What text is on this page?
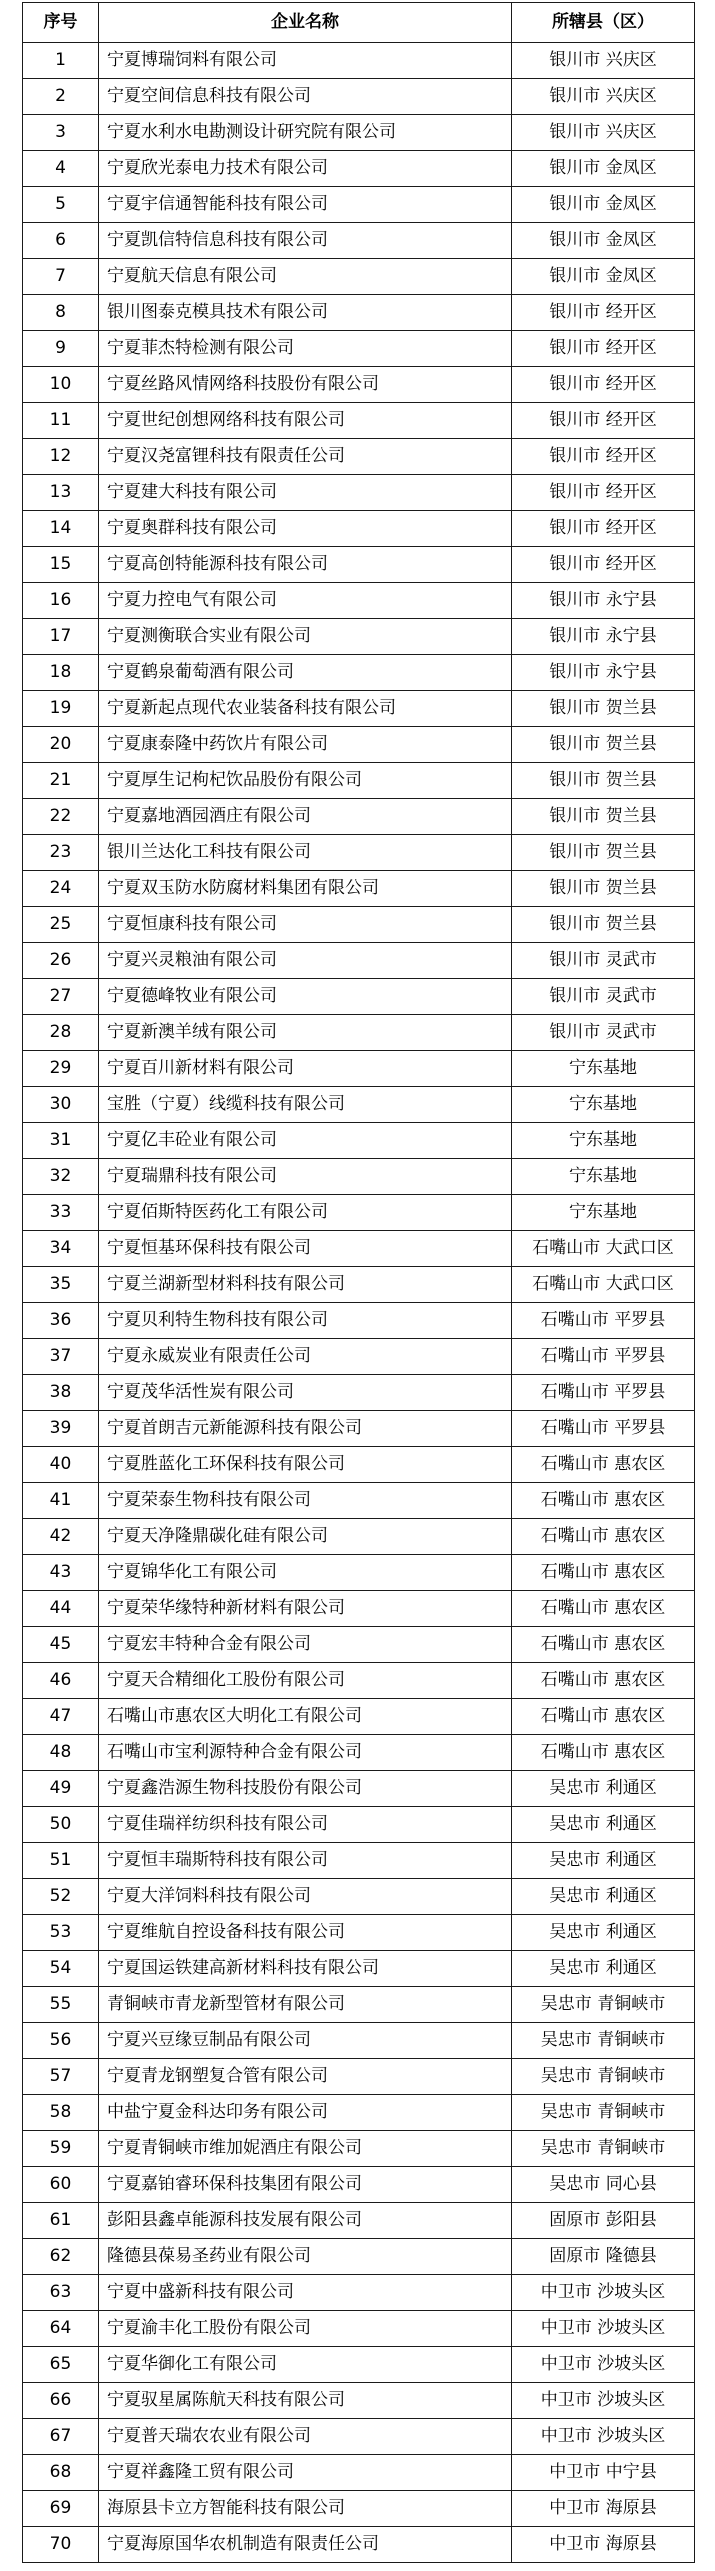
序号	企业名称	所辖县（区）
1	宁夏博瑞饲料有限公司	银川市 兴庆区
2	宁夏空间信息科技有限公司	银川市 兴庆区
3	宁夏水利水电勘测设计研究院有限公司	银川市 兴庆区
4	宁夏欣光泰电力技术有限公司	银川市 金凤区
5	宁夏宇信通智能科技有限公司	银川市 金凤区
6	宁夏凯信特信息科技有限公司	银川市 金凤区
7	宁夏航天信息有限公司	银川市 金凤区
8	银川图泰克模具技术有限公司	银川市 经开区
9	宁夏菲杰特检测有限公司	银川市 经开区
10	宁夏丝路风情网络科技股份有限公司	银川市 经开区
11	宁夏世纪创想网络科技有限公司	银川市 经开区
12	宁夏汉尧富锂科技有限责任公司	银川市 经开区
13	宁夏建大科技有限公司	银川市 经开区
14	宁夏奥群科技有限公司	银川市 经开区
15	宁夏高创特能源科技有限公司	银川市 经开区
16	宁夏力控电气有限公司	银川市 永宁县
17	宁夏测衡联合实业有限公司	银川市 永宁县
18	宁夏鹤泉葡萄酒有限公司	银川市 永宁县
19	宁夏新起点现代农业装备科技有限公司	银川市 贺兰县
20	宁夏康泰隆中药饮片有限公司	银川市 贺兰县
21	宁夏厚生记枸杞饮品股份有限公司	银川市 贺兰县
22	宁夏嘉地酒园酒庄有限公司	银川市 贺兰县
23	银川兰达化工科技有限公司	银川市 贺兰县
24	宁夏双玉防水防腐材料集团有限公司	银川市 贺兰县
25	宁夏恒康科技有限公司	银川市 贺兰县
26	宁夏兴灵粮油有限公司	银川市 灵武市
27	宁夏德峰牧业有限公司	银川市 灵武市
28	宁夏新澳羊绒有限公司	银川市 灵武市
29	宁夏百川新材料有限公司	宁东基地
30	宝胜（宁夏）线缆科技有限公司	宁东基地
31	宁夏亿丰砼业有限公司	宁东基地
32	宁夏瑞鼎科技有限公司	宁东基地
33	宁夏佰斯特医药化工有限公司	宁东基地
34	宁夏恒基环保科技有限公司	石嘴山市 大武口区
35	宁夏兰湖新型材料科技有限公司	石嘴山市 大武口区
36	宁夏贝利特生物科技有限公司	石嘴山市 平罗县
37	宁夏永威炭业有限责任公司	石嘴山市 平罗县
38	宁夏茂华活性炭有限公司	石嘴山市 平罗县
39	宁夏首朗吉元新能源科技有限公司	石嘴山市 平罗县
40	宁夏胜蓝化工环保科技有限公司	石嘴山市 惠农区
41	宁夏荣泰生物科技有限公司	石嘴山市 惠农区
42	宁夏天净隆鼎碳化硅有限公司	石嘴山市 惠农区
43	宁夏锦华化工有限公司	石嘴山市 惠农区
44	宁夏荣华缘特种新材料有限公司	石嘴山市 惠农区
45	宁夏宏丰特种合金有限公司	石嘴山市 惠农区
46	宁夏天合精细化工股份有限公司	石嘴山市 惠农区
47	石嘴山市惠农区大明化工有限公司	石嘴山市 惠农区
48	石嘴山市宝利源特种合金有限公司	石嘴山市 惠农区
49	宁夏鑫浩源生物科技股份有限公司	吴忠市 利通区
50	宁夏佳瑞祥纺织科技有限公司	吴忠市 利通区
51	宁夏恒丰瑞斯特科技有限公司	吴忠市 利通区
52	宁夏大洋饲料科技有限公司	吴忠市 利通区
53	宁夏维航自控设备科技有限公司	吴忠市 利通区
54	宁夏国运铁建高新材料科技有限公司	吴忠市 利通区
55	青铜峡市青龙新型管材有限公司	吴忠市 青铜峡市
56	宁夏兴豆缘豆制品有限公司	吴忠市 青铜峡市
57	宁夏青龙钢塑复合管有限公司	吴忠市 青铜峡市
58	中盐宁夏金科达印务有限公司	吴忠市 青铜峡市
59	宁夏青铜峡市维加妮酒庄有限公司	吴忠市 青铜峡市
60	宁夏嘉铂睿环保科技集团有限公司	吴忠市 同心县
61	彭阳县鑫卓能源科技发展有限公司	固原市 彭阳县
62	隆德县葆易圣药业有限公司	固原市 隆德县
63	宁夏中盛新科技有限公司	中卫市 沙坡头区
64	宁夏渝丰化工股份有限公司	中卫市 沙坡头区
65	宁夏华御化工有限公司	中卫市 沙坡头区
66	宁夏驭星属陈航天科技有限公司	中卫市 沙坡头区
67	宁夏普天瑞农农业有限公司	中卫市 沙坡头区
68	宁夏祥鑫隆工贸有限公司	中卫市 中宁县
69	海原县卡立方智能科技有限公司	中卫市 海原县
70	宁夏海原国华农机制造有限责任公司	中卫市 海原县
